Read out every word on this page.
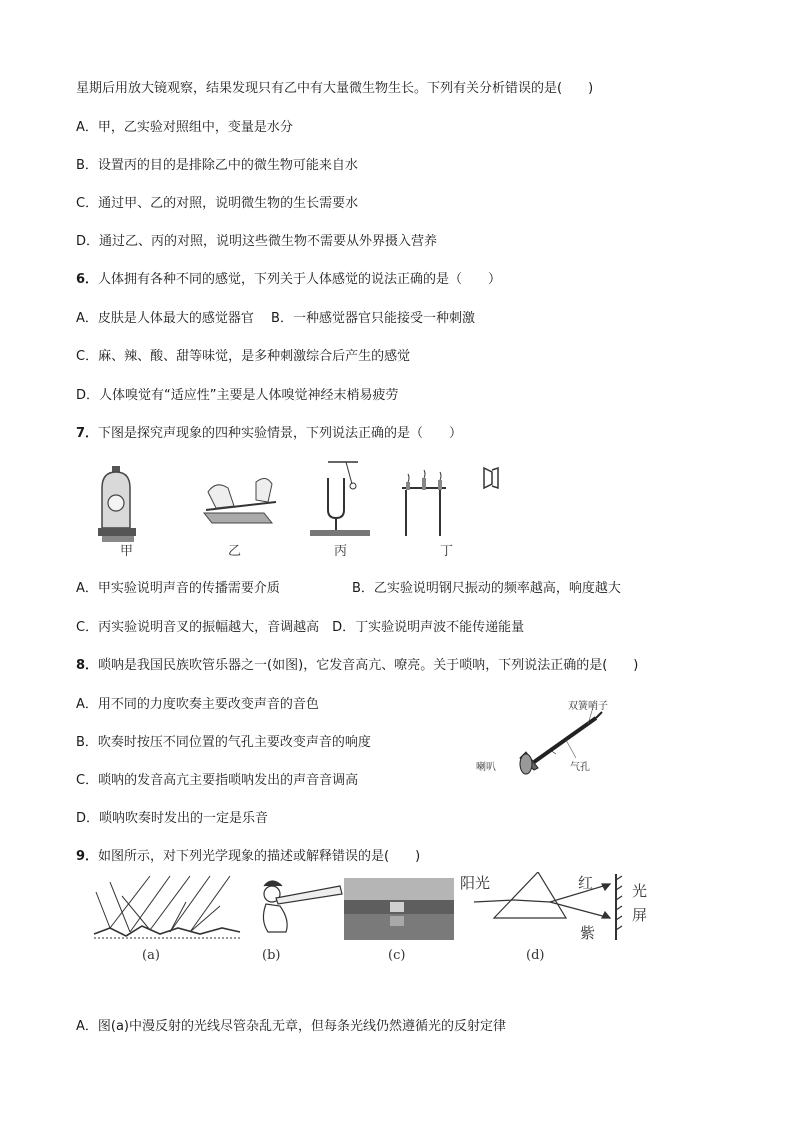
星期后用放大镜观察，结果发现只有乙中有大量微生物生长。下列有关分析错误的是(　　)
A．甲，乙实验对照组中，变量是水分
B．设置丙的目的是排除乙中的微生物可能来自水
C．通过甲、乙的对照，说明微生物的生长需要水
D．通过乙、丙的对照，说明这些微生物不需要从外界摄入营养
6．人体拥有各种不同的感觉，下列关于人体感觉的说法正确的是（　　）
A．皮肤是人体最大的感觉器官　 B．一种感觉器官只能接受一种刺激
C．麻、辣、酸、甜等味觉，是多种刺激综合后产生的感觉
D．人体嗅觉有“适应性”主要是人体嗅觉神经末梢易疲劳
7．下图是探究声现象的四种实验情景，下列说法正确的是（　　）
甲	乙	丙	丁
A．甲实验说明声音的传播需要介质	B．乙实验说明钢尺振动的频率越高，响度越大
C．丙实验说明音叉的振幅越大，音调越高　D．丁实验说明声波不能传递能量
8．唢呐是我国民族吹管乐器之一(如图)，它发音高亢、嘹亮。关于唢呐，下列说法正确的是(　　)
A．用不同的力度吹奏主要改变声音的音色
B．吹奏时按压不同位置的气孔主要改变声音的响度
C．唢呐的发音高亢主要指唢呐发出的声音音调高
D．唢呐吹奏时发出的一定是乐音
双簧哨子
喇叭	气孔
9．如图所示，对下列光学现象的描述或解释错误的是(　　)
阳光	红
紫
光
屏
(a)	(b)	(c)	(d)
A．图(a)中漫反射的光线尽管杂乱无章，但每条光线仍然遵循光的反射定律
